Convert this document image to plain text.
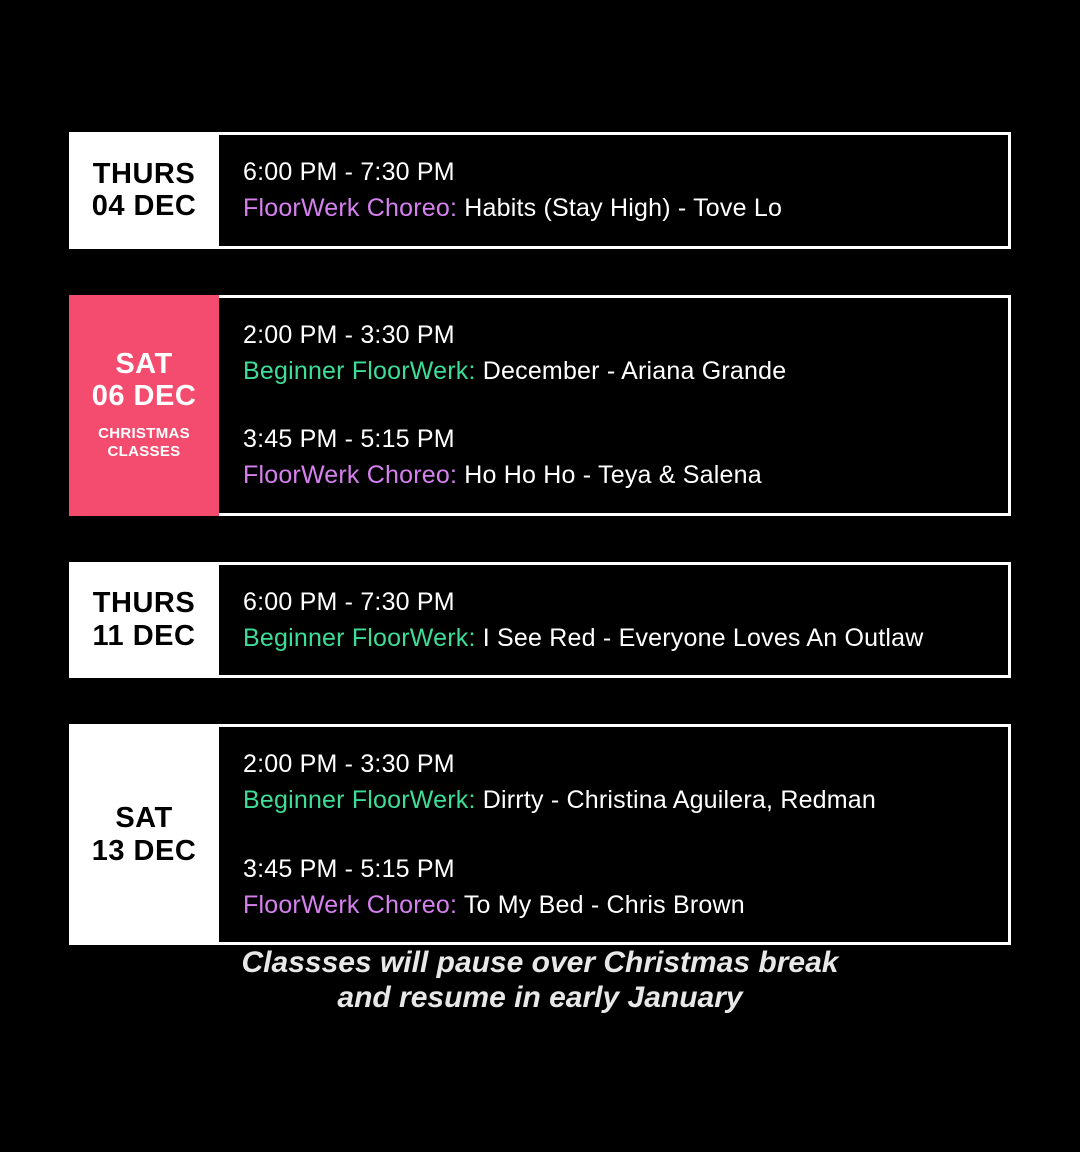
THURS
04 DEC
6:00 PM - 7:30 PM
FloorWerk Choreo: Habits (Stay High) - Tove Lo
SAT
06 DEC
CHRISTMAS CLASSES
2:00 PM - 3:30 PM
Beginner FloorWerk: December - Ariana Grande
3:45 PM - 5:15 PM
FloorWerk Choreo: Ho Ho Ho - Teya & Salena
THURS
11 DEC
6:00 PM - 7:30 PM
Beginner FloorWerk: I See Red - Everyone Loves An Outlaw
SAT
13 DEC
2:00 PM - 3:30 PM
Beginner FloorWerk: Dirrty - Christina Aguilera, Redman
3:45 PM - 5:15 PM
FloorWerk Choreo: To My Bed - Chris Brown
Classses will pause over Christmas break
and resume in early January
